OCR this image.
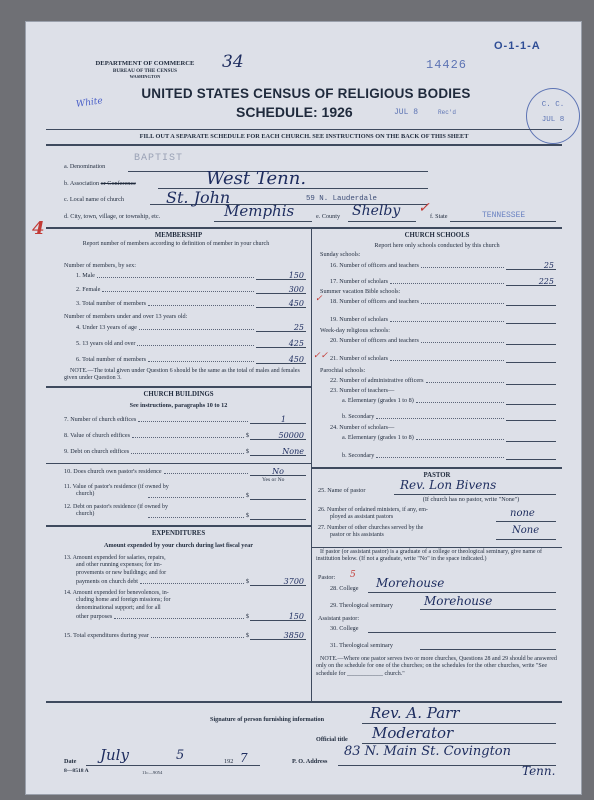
O-1-1-A
DEPARTMENT OF COMMERCE
BUREAU OF THE CENSUS
WASHINGTON
34	14426
White
UNITED STATES CENSUS OF RELIGIOUS BODIES
SCHEDULE: 1926	JUL 8	Rec'd
C. C.
JUL 8
FILL OUT A SEPARATE SCHEDULE FOR EACH CHURCH. SEE INSTRUCTIONS ON THE BACK OF THIS SHEET
4
a. Denomination
BAPTIST
b. Association or Conference	West Tenn.
c. Local name of church	St. John	59 N. Lauderdale
d. City, town, village, or township, etc.	Memphis	e. County Shelby ✓
f. State	TENNESSEE
MEMBERSHIP
Report number of members according to definition of member in your church
Number of members, by sex:
1. Male	150
2. Female	300
3. Total number of members	450
Number of members under and over 13 years old:
4. Under 13 years of age	25
5. 13 years old and over	425
6. Total number of members	450
NOTE.—The total given under Question 6 should be the same as the total of males and females given under Question 3.
CHURCH BUILDINGS
See instructions, paragraphs 10 to 12
7. Number of church edifices	1
8. Value of church edifices	$	50000
9. Debt on church edifices	$	None
10. Does church own pastor's residence	No
Yes or No
11. Value of pastor's residence (if owned by
church)	$
12. Debt on pastor's residence (if owned by
church)	$
EXPENDITURES
Amount expended by your church during last fiscal year
13. Amount expended for salaries, repairs,
and other running expenses; for im-
provements or new buildings; and for
payments on church debt	$	3700
14. Amount expended for benevolences, in-
cluding home and foreign missions; for
denominational support; and for all
other purposes	$	150
15. Total expenditures during year	$	3850
CHURCH SCHOOLS
Report here only schools conducted by this church
Sunday schools:
16. Number of officers and teachers	25
17. Number of scholars	225
Summer vacation Bible schools:
✓ 18. Number of officers and teachers
19. Number of scholars
Week-day religious schools:
20. Number of officers and teachers
✓✓ 21. Number of scholars
Parochial schools:
22. Number of administrative officers
23. Number of teachers—
a. Elementary (grades 1 to 8)
b. Secondary
24. Number of scholars—
a. Elementary (grades 1 to 8)
b. Secondary
PASTOR
25. Name of pastor	Rev. Lon Bivens
(If church has no pastor, write "None")
26. Number of ordained ministers, if any, em-
ployed as assistant pastors	none
27. Number of other churches served by the
pastor or his assistants	None
If pastor (or assistant pastor) is a graduate of a college or theological seminary, give name of institution below. (If not a graduate, write "No" in the space indicated.)
Pastor: 5
28. College Morehouse
29. Theological seminary	Morehouse
Assistant pastor:
30. College
31. Theological seminary
NOTE.—Where one pastor serves two or more churches, Questions 28 and 29 should be answered only on the schedule for one of the churches; on the schedules for the other churches, write "See schedule for ____________ church."
Signature of person furnishing information	Rev. A. Parr
Official title Moderator
Date July	5	192 7	P. O. Address
83 N. Main St. Covington
Tenn.
8—8518 A	11c—9054
